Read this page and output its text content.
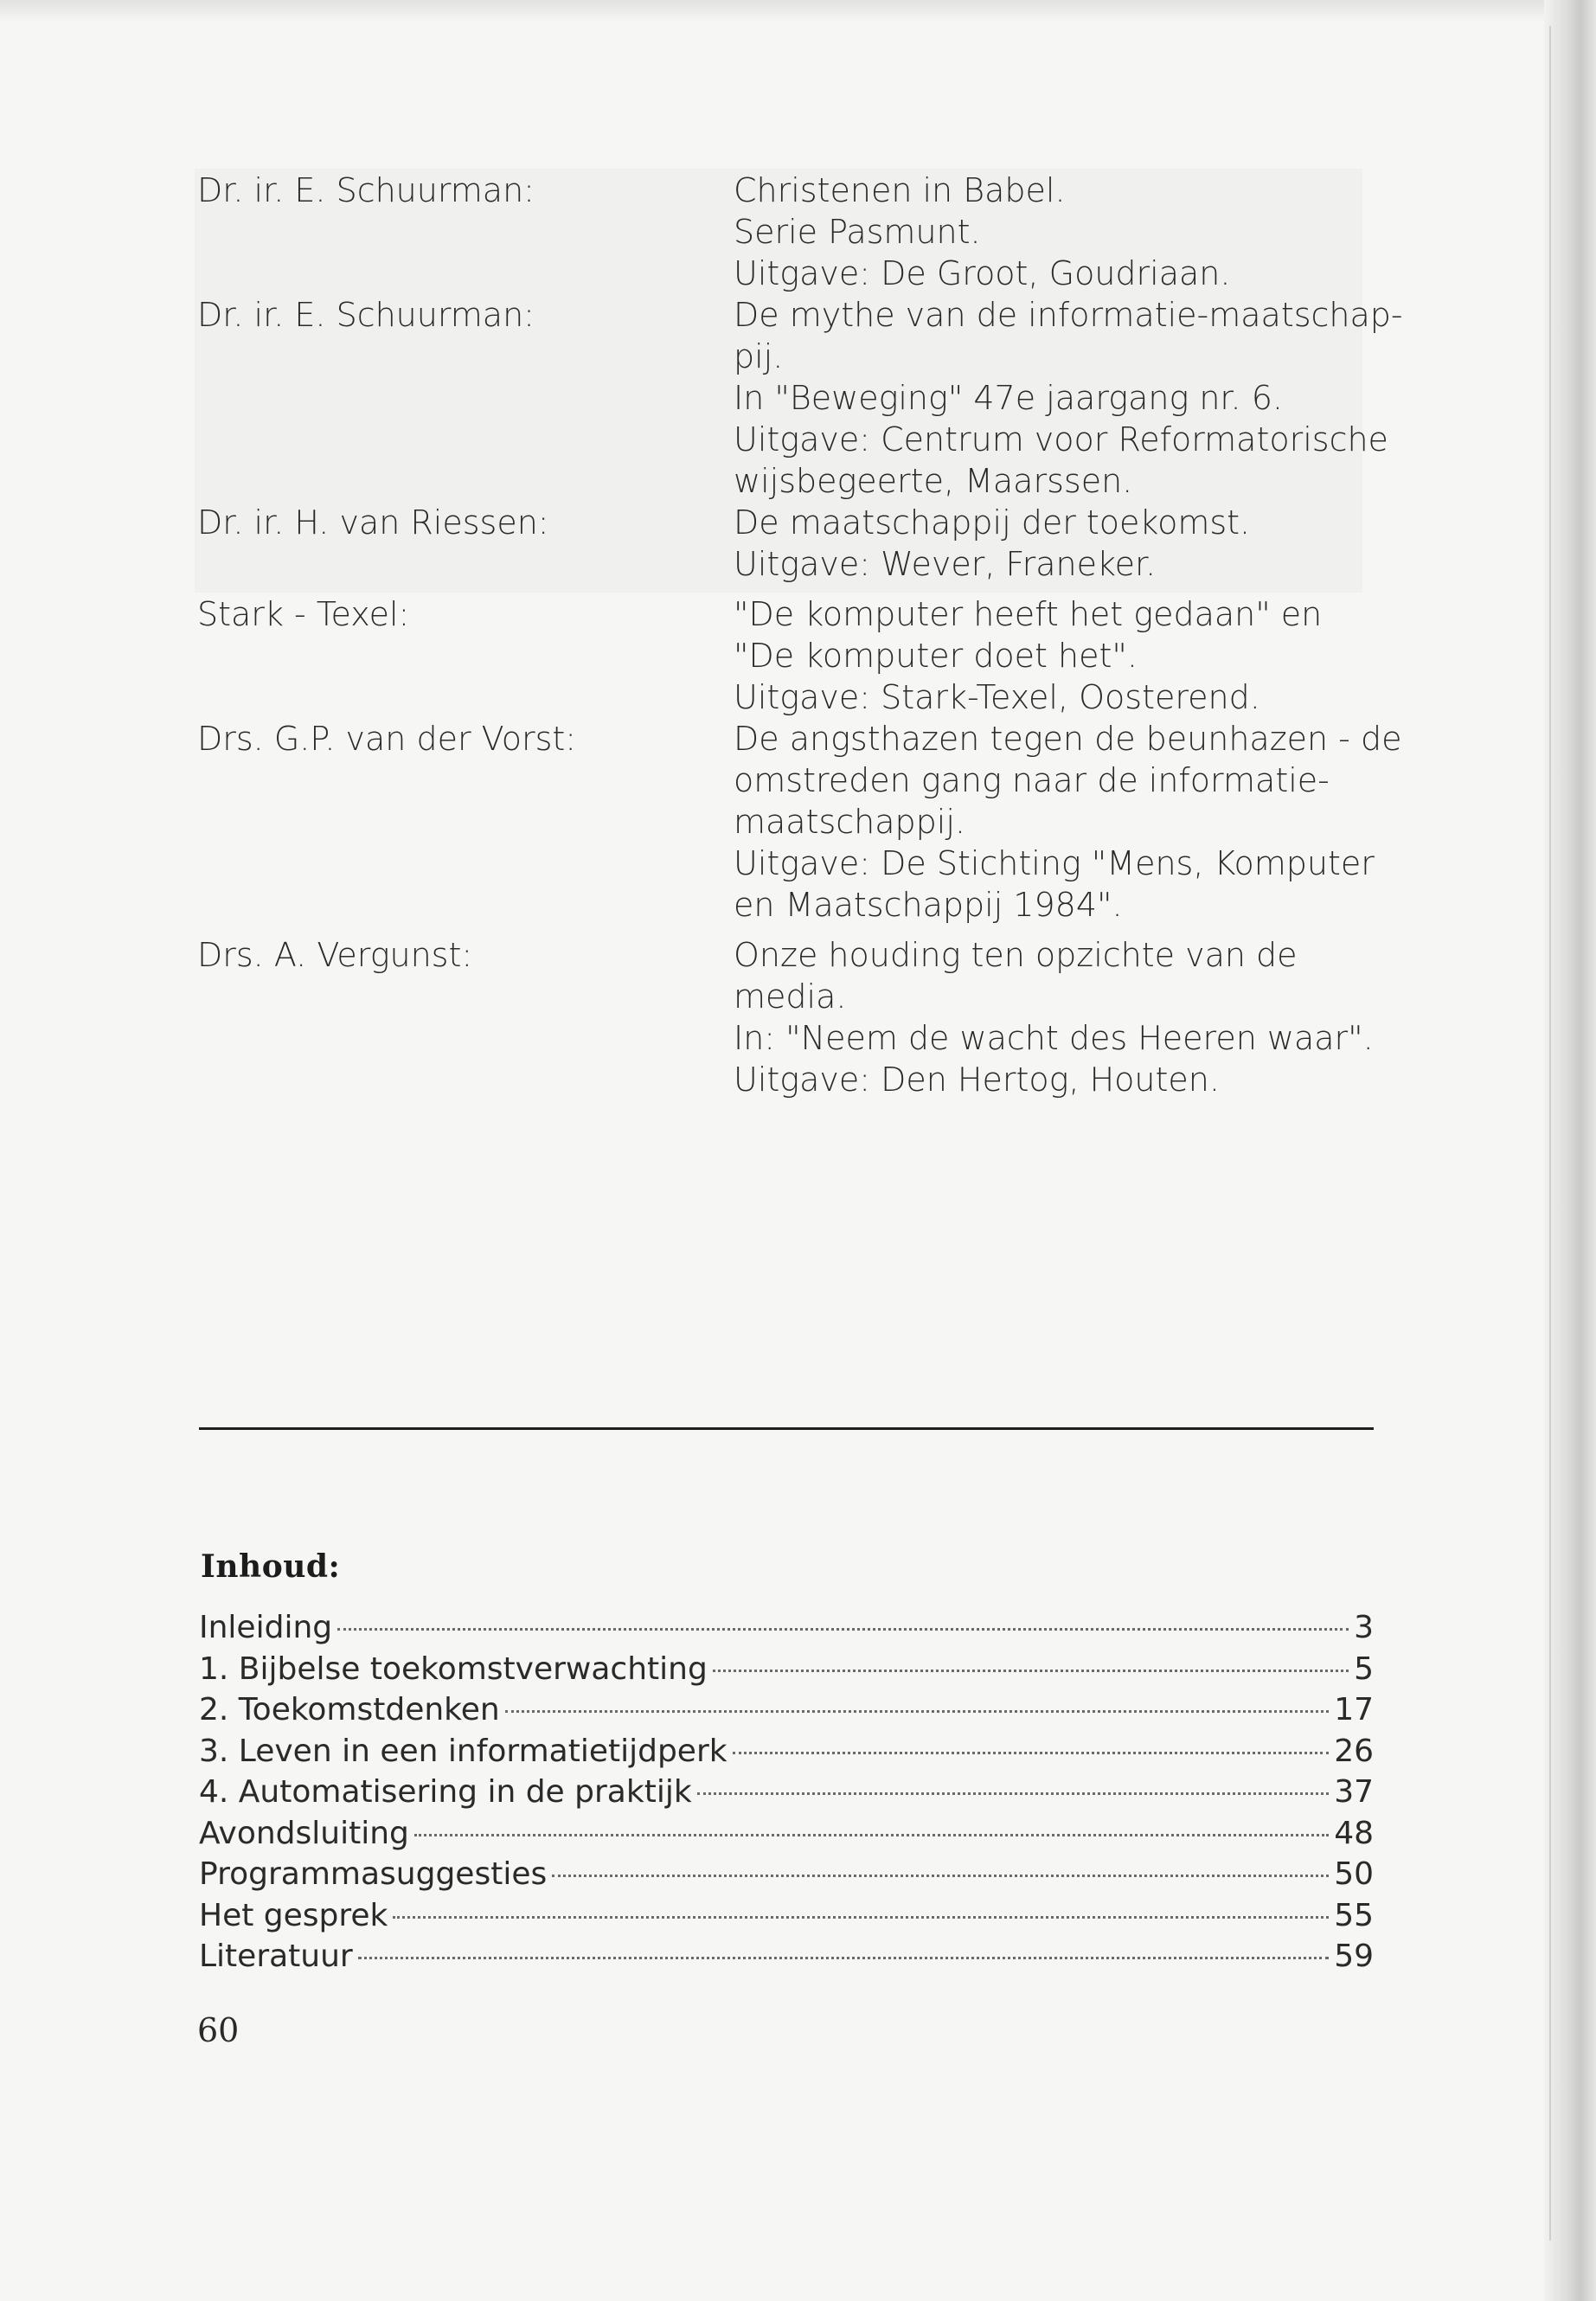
Dr. ir. E. Schuurman:	Christenen in Babel.
Serie Pasmunt.
Uitgave: De Groot, Goudriaan.
Dr. ir. E. Schuurman:	De mythe van de informatie-maatschap-
pij.
In "Beweging" 47e jaargang nr. 6.
Uitgave: Centrum voor Reformatorische
wijsbegeerte, Maarssen.
Dr. ir. H. van Riessen:	De maatschappij der toekomst.
Uitgave: Wever, Franeker.
Stark - Texel:	"De komputer heeft het gedaan" en
"De komputer doet het".
Uitgave: Stark-Texel, Oosterend.
Drs. G.P. van der Vorst:	De angsthazen tegen de beunhazen - de
omstreden gang naar de informatie-
maatschappij.
Uitgave: De Stichting "Mens, Komputer
en Maatschappij 1984".
Drs. A. Vergunst:	Onze houding ten opzichte van de
media.
In: "Neem de wacht des Heeren waar".
Uitgave: Den Hertog, Houten.
Inhoud:
Inleiding	3
1. Bijbelse toekomstverwachting	5
2. Toekomstdenken	17
3. Leven in een informatietijdperk	26
4. Automatisering in de praktijk	37
Avondsluiting	48
Programmasuggesties	50
Het gesprek	55
Literatuur	59
60
